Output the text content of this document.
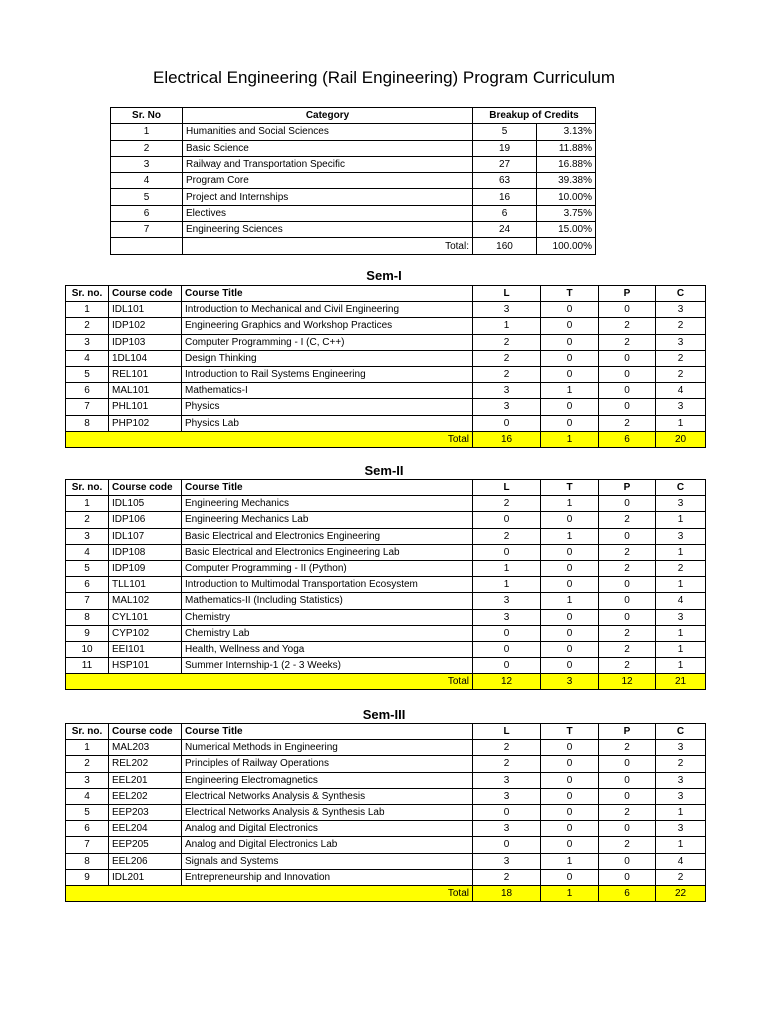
Electrical Engineering (Rail Engineering) Program Curriculum
Sr. No	Category	Breakup of Credits	
1	Humanities and Social Sciences	5	3.13%
2	Basic Science	19	11.88%
3	Railway and Transportation Specific	27	16.88%
4	Program Core	63	39.38%
5	Project and Internships	16	10.00%
6	Electives	6	3.75%
7	Engineering Sciences	24	15.00%
	Total:	160	100.00%
Sem-I
Sr. no.	Course code	Course Title	L	T	P	C
1	IDL101	Introduction to Mechanical and Civil Engineering	3	0	0	3
2	IDP102	Engineering Graphics and Workshop Practices	1	0	2	2
3	IDP103	Computer Programming - I (C, C++)	2	0	2	3
4	1DL104	Design Thinking	2	0	0	2
5	REL101	Introduction to Rail Systems Engineering	2	0	0	2
6	MAL101	Mathematics-I	3	1	0	4
7	PHL101	Physics	3	0	0	3
8	PHP102	Physics Lab	0	0	2	1
Total			16	1	6	20
Sem-II
Sr. no.	Course code	Course Title	L	T	P	C
1	IDL105	Engineering Mechanics	2	1	0	3
2	IDP106	Engineering Mechanics Lab	0	0	2	1
3	IDL107	Basic Electrical and Electronics Engineering	2	1	0	3
4	IDP108	Basic Electrical and Electronics Engineering Lab	0	0	2	1
5	IDP109	Computer Programming - II (Python)	1	0	2	2
6	TLL101	Introduction to Multimodal Transportation Ecosystem	1	0	0	1
7	MAL102	Mathematics-II (Including Statistics)	3	1	0	4
8	CYL101	Chemistry	3	0	0	3
9	CYP102	Chemistry Lab	0	0	2	1
10	EEI101	Health, Wellness and Yoga	0	0	2	1
11	HSP101	Summer Internship-1 (2 - 3 Weeks)	0	0	2	1
Total			12	3	12	21
Sem-III
Sr. no.	Course code	Course Title	L	T	P	C
1	MAL203	Numerical Methods in Engineering	2	0	2	3
2	REL202	Principles of Railway Operations	2	0	0	2
3	EEL201	Engineering Electromagnetics	3	0	0	3
4	EEL202	Electrical Networks Analysis & Synthesis	3	0	0	3
5	EEP203	Electrical Networks Analysis & Synthesis Lab	0	0	2	1
6	EEL204	Analog and Digital Electronics	3	0	0	3
7	EEP205	Analog and Digital Electronics Lab	0	0	2	1
8	EEL206	Signals and Systems	3	1	0	4
9	IDL201	Entrepreneurship and Innovation	2	0	0	2
Total			18	1	6	22
